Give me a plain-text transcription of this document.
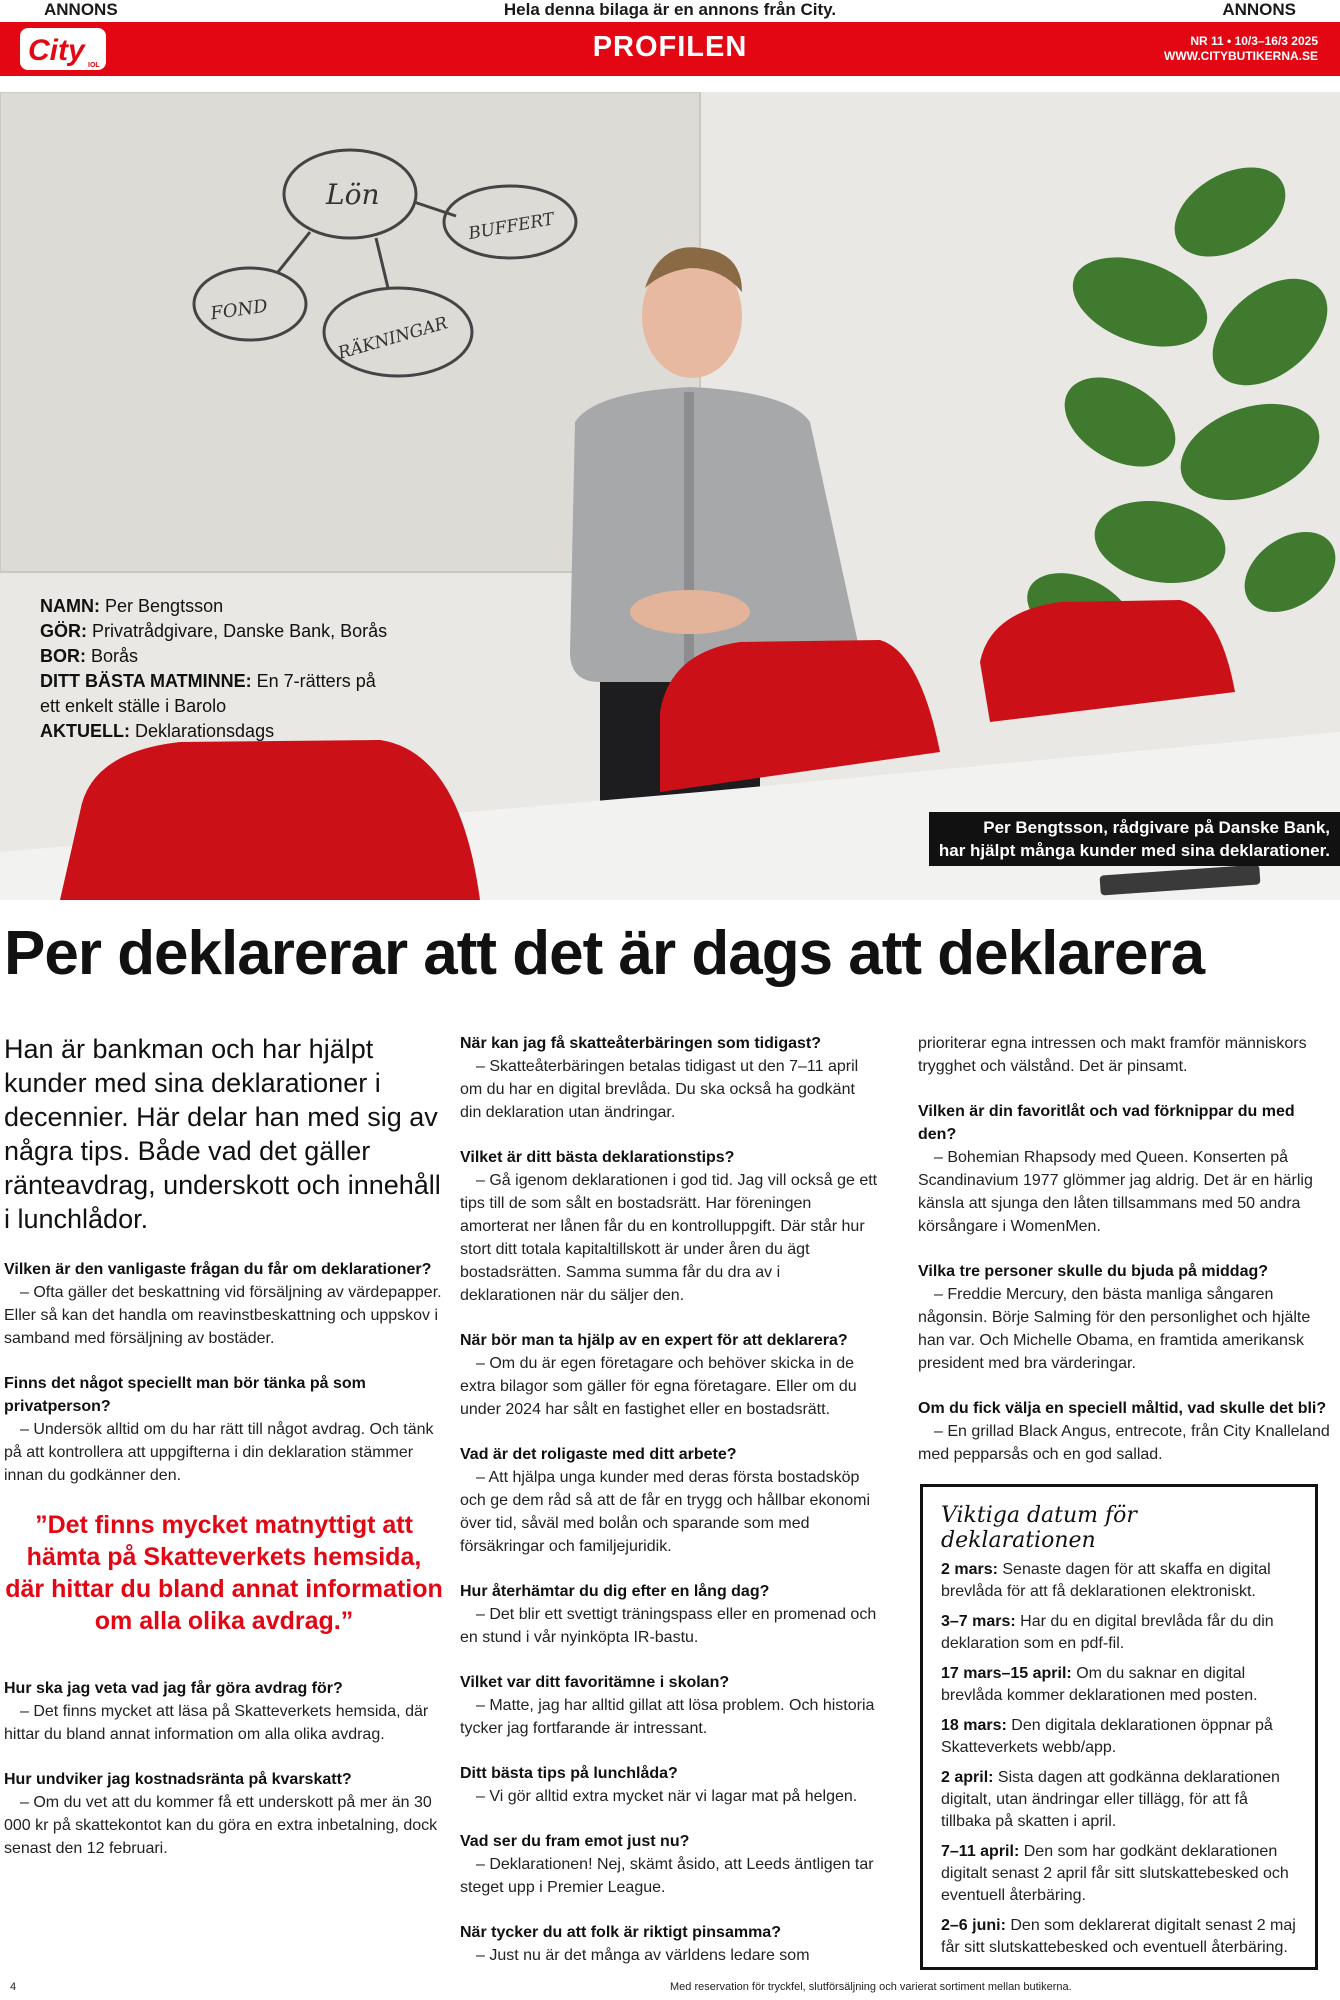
ANNONS	Hela denna bilaga är en annons från City.	ANNONS
City IOL
PROFILEN	NR 11 • 10/3–16/3 2025
WWW.CITYBUTIKERNA.SE
Lön
BUFFERT
FOND
RÄKNINGAR
NAMN: Per Bengtsson
GÖR: Privatrådgivare, Danske Bank, Borås
BOR: Borås
DITT BÄSTA MATMINNE: En 7-rätters på
ett enkelt ställe i Barolo
AKTUELL: Deklarationsdags
Per Bengtsson, rådgivare på Danske Bank,
har hjälpt många kunder med sina deklarationer.
Per deklarerar att det är dags att deklarera

Han är bankman och har hjälpt kunder med sina deklarationer i decennier. Här delar han med sig av några tips. Både vad det gäller ränteavdrag, underskott och innehåll i lunchlådor.

Vilken är den vanligaste frågan du får om deklarationer?
– Ofta gäller det beskattning vid försäljning av värdepapper. Eller så kan det handla om reavinstbeskattning och uppskov i samband med försäljning av bostäder.

Finns det något speciellt man bör tänka på som privatperson?
– Undersök alltid om du har rätt till något avdrag. Och tänk på att kontrollera att uppgifterna i din deklaration stämmer innan du godkänner den.

”Det finns mycket matnyttigt att hämta på Skatteverkets hemsida, där hittar du bland annat information om alla olika avdrag.”

Hur ska jag veta vad jag får göra avdrag för?
– Det finns mycket att läsa på Skatteverkets hemsida, där hittar du bland annat information om alla olika avdrag.

Hur undviker jag kostnadsränta på kvarskatt?
– Om du vet att du kommer få ett underskott på mer än 30 000 kr på skattekontot kan du göra en extra inbetalning, dock senast den 12 februari.

När kan jag få skatteåterbäringen som tidigast?
– Skatteåterbäringen betalas tidigast ut den 7–11 april om du har en digital brevlåda. Du ska också ha godkänt din deklaration utan ändringar.

Vilket är ditt bästa deklarationstips?
– Gå igenom deklarationen i god tid. Jag vill också ge ett tips till de som sålt en bostadsrätt. Har föreningen amorterat ner lånen får du en kontrolluppgift. Där står hur stort ditt totala kapitaltillskott är under åren du ägt bostadsrätten. Samma summa får du dra av i deklarationen när du säljer den.

När bör man ta hjälp av en expert för att deklarera?
– Om du är egen företagare och behöver skicka in de extra bilagor som gäller för egna företagare. Eller om du under 2024 har sålt en fastighet eller en bostadsrätt.

Vad är det roligaste med ditt arbete?
– Att hjälpa unga kunder med deras första bostadsköp och ge dem råd så att de får en trygg och hållbar ekonomi över tid, såväl med bolån och sparande som med försäkringar och familjejuridik.

Hur återhämtar du dig efter en lång dag?
– Det blir ett svettigt träningspass eller en promenad och en stund i vår nyinköpta IR-bastu.

Vilket var ditt favoritämne i skolan?
– Matte, jag har alltid gillat att lösa problem. Och historia tycker jag fortfarande är intressant.

Ditt bästa tips på lunchlåda?
– Vi gör alltid extra mycket när vi lagar mat på helgen.

Vad ser du fram emot just nu?
– Deklarationen! Nej, skämt åsido, att Leeds äntligen tar steget upp i Premier League.

När tycker du att folk är riktigt pinsamma?
– Just nu är det många av världens ledare som

prioriterar egna intressen och makt framför människors trygghet och välstånd. Det är pinsamt.

Vilken är din favoritlåt och vad förknippar du med den?
– Bohemian Rhapsody med Queen. Konserten på Scandinavium 1977 glömmer jag aldrig. Det är en härlig känsla att sjunga den låten tillsammans med 50 andra körsångare i WomenMen.

Vilka tre personer skulle du bjuda på middag?
– Freddie Mercury, den bästa manliga sångaren någonsin. Börje Salming för den personlighet och hjälte han var. Och Michelle Obama, en framtida amerikansk president med bra värderingar.

Om du fick välja en speciell måltid, vad skulle det bli?
– En grillad Black Angus, entrecote, från City Knalleland med pepparsås och en god sallad.

Viktiga datum för deklarationen
2 mars: Senaste dagen för att skaffa en digital brevlåda för att få deklarationen elektroniskt.
3–7 mars: Har du en digital brevlåda får du din deklaration som en pdf-fil.
17 mars–15 april: Om du saknar en digital brevlåda kommer deklarationen med posten.
18 mars: Den digitala deklarationen öppnar på Skatteverkets webb/app.
2 april: Sista dagen att godkänna deklarationen digitalt, utan ändringar eller tillägg, för att få tillbaka på skatten i april.
7–11 april: Den som har godkänt deklarationen digitalt senast 2 april får sitt slutskattebesked och eventuell återbäring.
2–6 juni: Den som deklarerat digitalt senast 2 maj får sitt slutskattebesked och eventuell återbäring.
4	Med reservation för tryckfel, slutförsäljning och varierat sortiment mellan butikerna.
